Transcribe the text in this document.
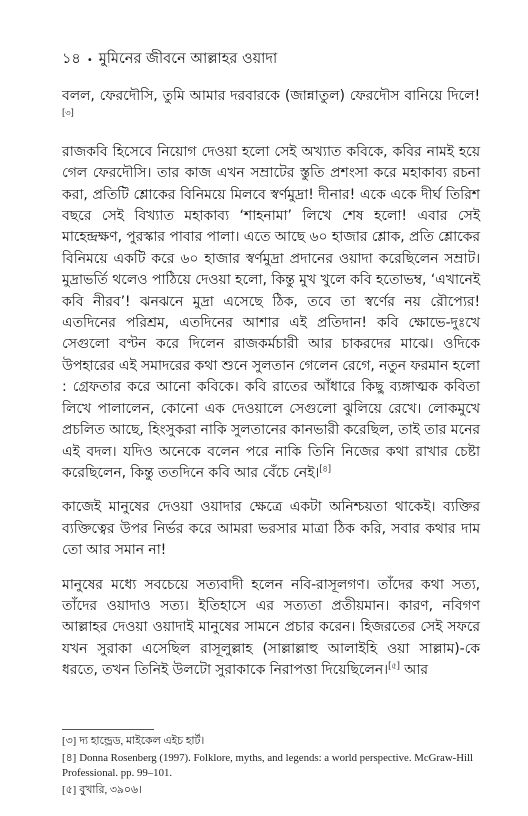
১৪ • মুমিনের জীবনে আল্লাহর ওয়াদা

বলল, ফেরদৌসি, তুমি আমার দরবারকে (জান্নাতুল) ফেরদৌস বানিয়ে দিলে![৩]

রাজকবি হিসেবে নিয়োগ দেওয়া হলো সেই অখ্যাত কবিকে, কবির নামই হয়ে গেল ফেরদৌসি। তার কাজ এখন সম্রাটের স্তুতি প্রশংসা করে মহাকাব্য রচনা করা, প্রতিটি শ্লোকের বিনিময়ে মিলবে স্বর্ণমুদ্রা! দীনার! একে একে দীর্ঘ তিরিশ বছরে সেই বিখ্যাত মহাকাব্য ‘শাহনামা’ লিখে শেষ হলো! এবার সেই মাহেন্দ্রক্ষণ, পুরস্কার পাবার পালা। এতে আছে ৬০ হাজার শ্লোক, প্রতি শ্লোকের বিনিময়ে একটি করে ৬০ হাজার স্বর্ণমুদ্রা প্রদানের ওয়াদা করেছিলেন সম্রাট। মুদ্রাভর্তি থলেও পাঠিয়ে দেওয়া হলো, কিন্তু মুখ খুলে কবি হতোভম্ব, ‘এখানেই কবি নীরব’! ঝনঝনে মুদ্রা এসেছে ঠিক, তবে তা স্বর্ণের নয় রৌপ্যের! এতদিনের পরিশ্রম, এতদিনের আশার এই প্রতিদান! কবি ক্ষোভে-দুঃখে সেগুলো বণ্টন করে দিলেন রাজকর্মচারী আর চাকরদের মাঝে। ওদিকে উপহারের এই সমাদরের কথা শুনে সুলতান গেলেন রেগে, নতুন ফরমান হলো : গ্রেফতার করে আনো কবিকে। কবি রাতের আঁধারে কিছু ব্যঙ্গাত্মক কবিতা লিখে পালালেন, কোনো এক দেওয়ালে সেগুলো ঝুলিয়ে রেখে। লোকমুখে প্রচলিত আছে, হিংসুকরা নাকি সুলতানের কানভারী করেছিল, তাই তার মনের এই বদল। যদিও অনেকে বলেন পরে নাকি তিনি নিজের কথা রাখার চেষ্টা করেছিলেন, কিন্তু ততদিনে কবি আর বেঁচে নেই।[৪]

কাজেই মানুষের দেওয়া ওয়াদার ক্ষেত্রে একটা অনিশ্চয়তা থাকেই। ব্যক্তির ব্যক্তিত্বের উপর নির্ভর করে আমরা ভরসার মাত্রা ঠিক করি, সবার কথার দাম তো আর সমান না!

মানুষের মধ্যে সবচেয়ে সত্যবাদী হলেন নবি-রাসূলগণ। তাঁদের কথা সত্য, তাঁদের ওয়াদাও সত্য। ইতিহাসে এর সত্যতা প্রতীয়মান। কারণ, নবিগণ আল্লাহর দেওয়া ওয়াদাই মানুষের সামনে প্রচার করেন। হিজরতের সেই সফরে যখন সুরাকা এসেছিল রাসূলুল্লাহ (সাল্লাল্লাহু আলাইহি ওয়া সাল্লাম)-কে ধরতে, তখন তিনিই উলটো সুরাকাকে নিরাপত্তা দিয়েছিলেন।[৫] আর

[৩] দ্য হান্ড্রেড, মাইকেল এইচ হার্ট।

[৪] Donna Rosenberg (1997). Folklore, myths, and legends: a world perspective. McGraw-Hill Professional. pp. 99–101.

[৫] বুখারি, ৩৯০৬।
